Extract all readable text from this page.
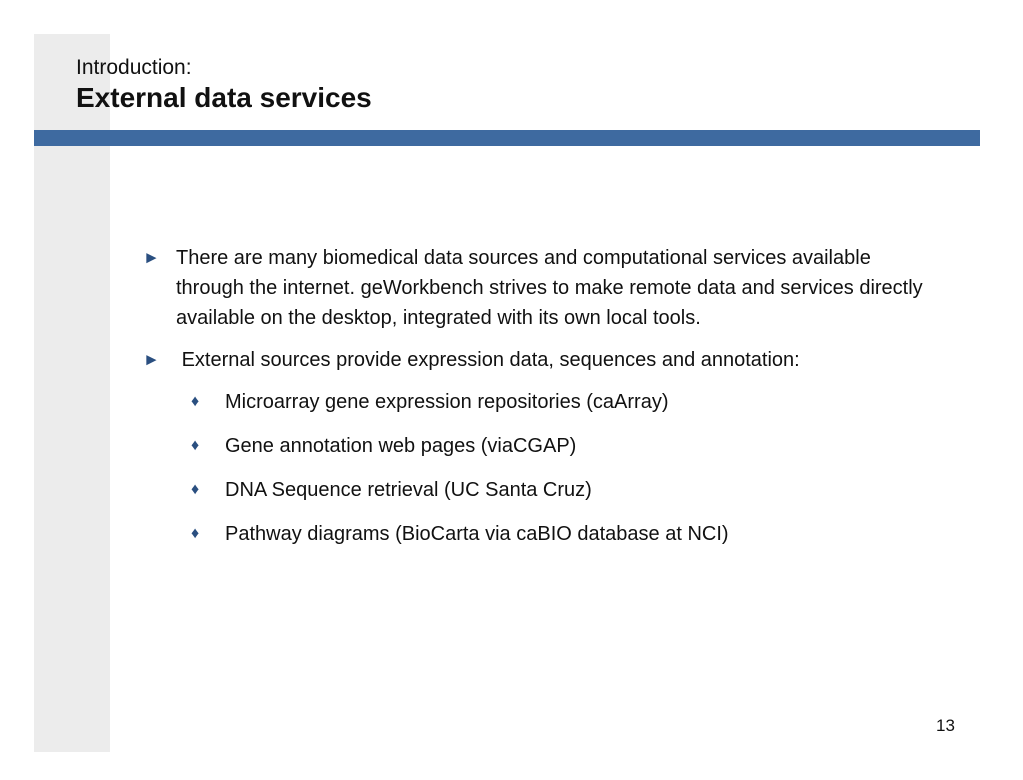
Introduction:
External data services
► There are many biomedical data sources and computational services available through the internet. geWorkbench strives to make remote data and services directly available on the desktop, integrated with its own local tools.
► External sources provide expression data, sequences and annotation:
♦ Microarray gene expression repositories (caArray)
♦ Gene annotation web pages (viaCGAP)
♦ DNA Sequence retrieval (UC Santa Cruz)
♦ Pathway diagrams (BioCarta via caBIO database at NCI)
13
